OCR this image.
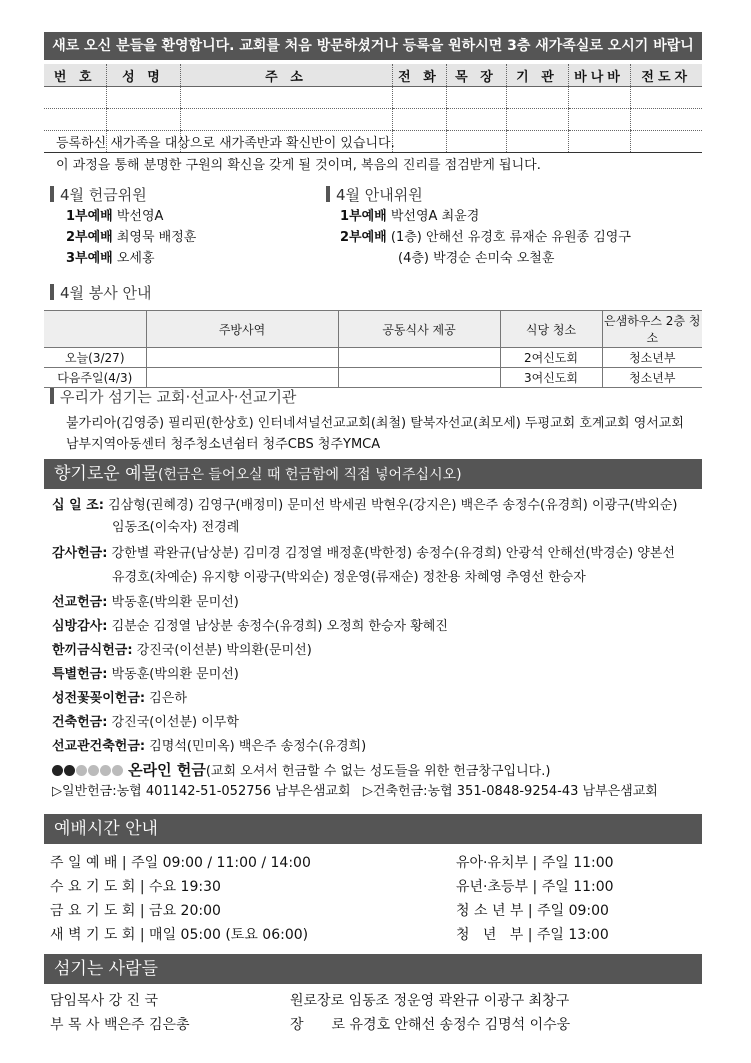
새로 오신 분들을 환영합니다. 교회를 처음 방문하셨거나 등록을 원하시면 3층 새가족실로 오시기 바랍니
번 호	성 명	주 소	전 화	목 장	기 관	바나바	전도자

등록하신 새가족을 대상으로 새가족반과 확신반이 있습니다.
이 과정을 통해 분명한 구원의 확신을 갖게 될 것이며, 복음의 진리를 점검받게 됩니다.
4월 헌금위원
1부예배 박선영A
2부예배 최영묵 배정훈
3부예배 오세홍
4월 안내위원
1부예배 박선영A 최윤경
2부예배 (1층) 안해선 유경호 류재순 유원종 김영구
(4층) 박경순 손미숙 오철훈
4월 봉사 안내
	주방사역	공동식사 제공	식당 청소	은샘하우스 2층 청소
오늘(3/27)			2여신도회	청소년부
다음주일(4/3)			3여신도회	청소년부
우리가 섬기는 교회·선교사·선교기관
불가리아(김영중) 필리핀(한상호) 인터네셔널선교교회(최철) 탈북자선교(최모세) 두평교회 호계교회 영서교회
남부지역아동센터 청주청소년쉼터 청주CBS 청주YMCA
향기로운 예물(헌금은 들어오실 때 헌금함에 직접 넣어주십시오)
십 일 조: 김삼형(권혜경) 김영구(배정미) 문미선 박세권 박현우(강지은) 백은주 송정수(유경희) 이광구(박외순)
임동조(이숙자) 전경례
감사헌금: 강한별 곽완규(남상분) 김미경 김정열 배정훈(박한정) 송정수(유경희) 안광석 안해선(박경순) 양본선
유경호(차예순) 유지향 이광구(박외순) 정운영(류재순) 정찬용 차혜영 추영선 한승자
선교헌금: 박동훈(박의환 문미선)
심방감사: 김분순 김정열 남상분 송정수(유경희) 오정희 한승자 황혜진
한끼금식헌금: 강진국(이선분) 박의환(문미선)
특별헌금: 박동훈(박의환 문미선)
성전꽃꽂이헌금: 김은하
건축헌금: 강진국(이선분) 이무학
선교관건축헌금: 김명석(민미옥) 백은주 송정수(유경희)
온라인 헌금(교회 오셔서 헌금할 수 없는 성도들을 위한 헌금창구입니다.)
▷일반헌금:농협 401142-51-052756 남부은샘교회 ▷건축헌금:농협 351-0848-9254-43 남부은샘교회
예배시간 안내
주 일 예 배 | 주일 09:00 / 11:00 / 14:00
수 요 기 도 회 | 수요 19:30
금 요 기 도 회 | 금요 20:00
새 벽 기 도 회 | 매일 05:00 (토요 06:00)
유아·유치부 | 주일 11:00
유년·초등부 | 주일 11:00
청 소 년 부 | 주일 09:00
청   년   부 | 주일 13:00
섬기는 사람들
담임목사 강 진 국
부 목 사 백은주 김은총
원로장로 임동조 정운영 곽완규 이광구 최창구
장　　로 유경호 안해선 송정수 김명석 이수웅
